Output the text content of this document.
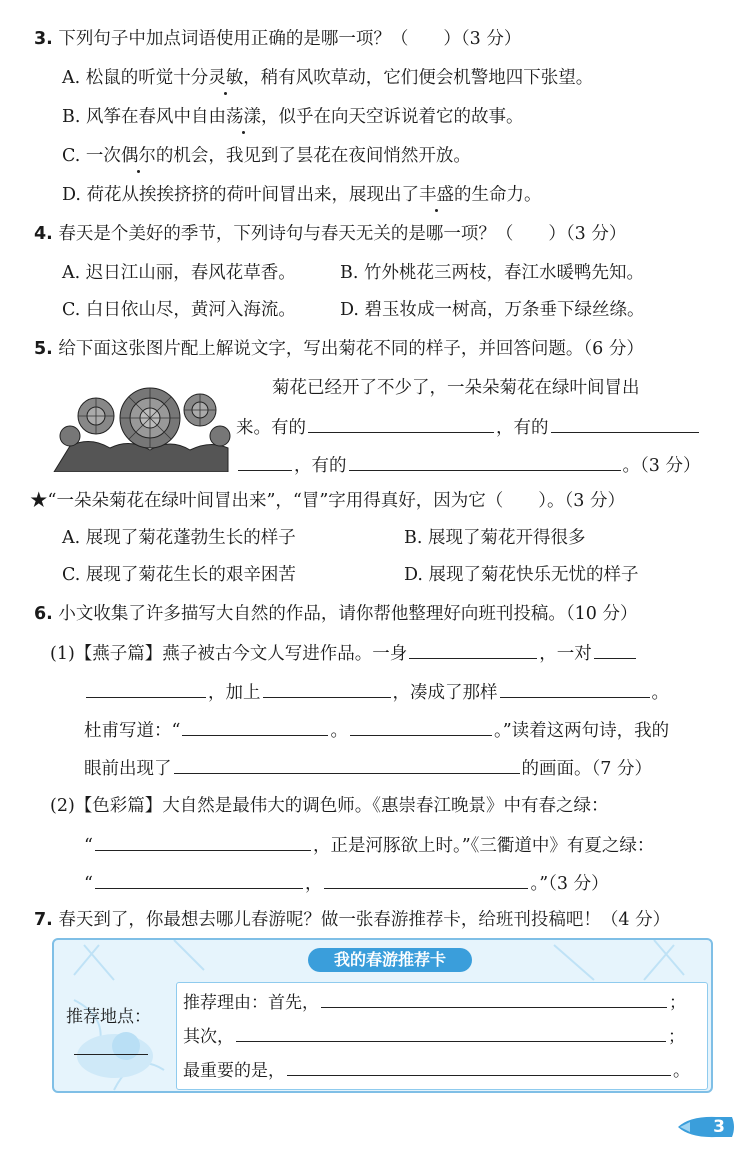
3. 下列句子中加点词语使用正确的是哪一项？（　　）（3 分）
A. 松鼠的听觉十分灵敏，稍有风吹草动，它们便会机警地四下张望。
B. 风筝在春风中自由荡漾，似乎在向天空诉说着它的故事。
C. 一次偶尔的机会，我见到了昙花在夜间悄然开放。
D. 荷花从挨挨挤挤的荷叶间冒出来，展现出了丰盛的生命力。
4. 春天是个美好的季节，下列诗句与春天无关的是哪一项？（　　）（3 分）
A. 迟日江山丽，春风花草香。	B. 竹外桃花三两枝，春江水暖鸭先知。
C. 白日依山尽，黄河入海流。	D. 碧玉妆成一树高，万条垂下绿丝绦。
5. 给下面这张图片配上解说文字，写出菊花不同的样子，并回答问题。（6 分）
菊花已经开了不少了，一朵朵菊花在绿叶间冒出
来。有的	，有的
，有的	。（3 分）
★“一朵朵菊花在绿叶间冒出来”，“冒”字用得真好，因为它（　　）。（3 分）
A. 展现了菊花蓬勃生长的样子	B. 展现了菊花开得很多
C. 展现了菊花生长的艰辛困苦	D. 展现了菊花快乐无忧的样子
6. 小文收集了许多描写大自然的作品，请你帮他整理好向班刊投稿。（10 分）
(1)【燕子篇】燕子被古今文人写进作品。一身	，一对
，加上	，凑成了那样	。
杜甫写道：“	。	。”读着这两句诗，我的
眼前出现了	的画面。（7 分）
(2)【色彩篇】大自然是最伟大的调色师。《惠崇春江晚景》中有春之绿：
“	，正是河豚欲上时。”《三衢道中》有夏之绿：
“	，	。”（3 分）
7. 春天到了，你最想去哪儿春游呢？做一张春游推荐卡，给班刊投稿吧！（4 分）
我的春游推荐卡
推荐地点：
推荐理由：首先，	；
其次，	；
最重要的是，	。
3
